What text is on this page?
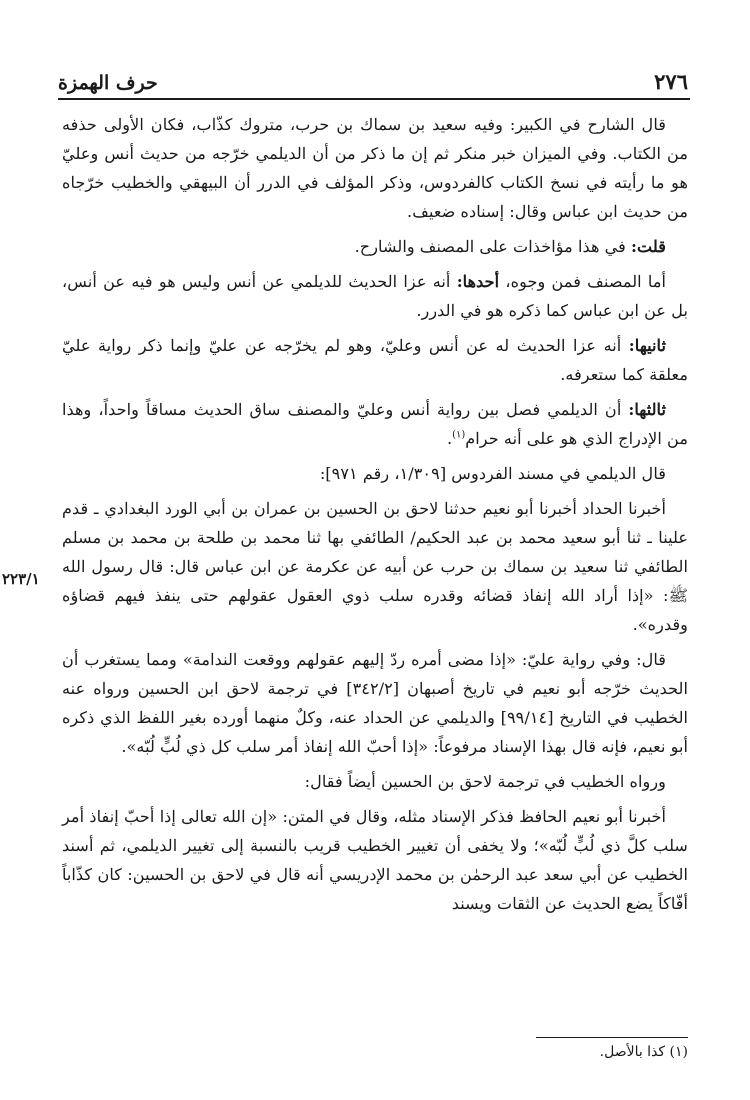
٢٧٦
حرف الهمزة
٢٢٣/١

قال الشارح في الكبير: وفيه سعيد بن سماك بن حرب، متروك كذّاب، فكان الأولى حذفه من الكتاب. وفي الميزان خبر منكر ثم إن ما ذكر من أن الديلمي خرّجه من حديث أنس وعليّ هو ما رأيته في نسخ الكتاب كالفردوس، وذكر المؤلف في الدرر أن البيهقي والخطيب خرّجاه من حديث ابن عباس وقال: إسناده ضعيف.

قلت: في هذا مؤاخذات على المصنف والشارح.

أما المصنف فمن وجوه، أحدها: أنه عزا الحديث للديلمي عن أنس وليس هو فيه عن أنس، بل عن ابن عباس كما ذكره هو في الدرر.

ثانيها: أنه عزا الحديث له عن أنس وعليّ، وهو لم يخرّجه عن عليّ وإنما ذكر رواية عليّ معلقة كما ستعرفه.

ثالثها: أن الديلمي فصل بين رواية أنس وعليّ والمصنف ساق الحديث مساقاً واحداً، وهذا من الإدراج الذي هو على أنه حرام$^{(١)}$.

قال الديلمي في مسند الفردوس [١/٣٠٩، رقم ٩٧١]:

أخبرنا الحداد أخبرنا أبو نعيم حدثنا لاحق بن الحسين بن عمران بن أبي الورد البغدادي ـ قدم علينا ـ ثنا أبو سعيد محمد بن عبد الحكيم/ الطائفي بها ثنا محمد بن طلحة بن محمد بن مسلم الطائفي ثنا سعيد بن سماك بن حرب عن أبيه عن عكرمة عن ابن عباس قال: قال رسول الله ﷺ: «إذا أراد الله إنفاذ قضائه وقدره سلب ذوي العقول عقولهم حتى ينفذ فيهم قضاؤه وقدره».

قال: وفي رواية عليّ: «إذا مضى أمره ردّ إليهم عقولهم ووقعت الندامة» ومما يستغرب أن الحديث خرّجه أبو نعيم في تاريخ أصبهان [٣٤٢/٢] في ترجمة لاحق ابن الحسين ورواه عنه الخطيب في التاريخ [٩٩/١٤] والديلمي عن الحداد عنه، وكلٌ منهما أورده بغير اللفظ الذي ذكره أبو نعيم، فإنه قال بهذا الإسناد مرفوعاً: «إذا أحبّ الله إنفاذ أمر سلب كل ذي لُبٍّ لُبّه».

ورواه الخطيب في ترجمة لاحق بن الحسين أيضاً فقال:

أخبرنا أبو نعيم الحافظ فذكر الإسناد مثله، وقال في المتن: «إن الله تعالى إذا أحبّ إنفاذ أمر سلب كلَّ ذي لُبٍّ لُبّه»؛ ولا يخفى أن تغيير الخطيب قريب بالنسبة إلى تغيير الديلمي، ثم أسند الخطيب عن أبي سعد عبد الرحمٰن بن محمد الإدريسي أنه قال في لاحق بن الحسين: كان كذّاباً أفّاكاً يضع الحديث عن الثقات ويسند

(١) كذا بالأصل.
